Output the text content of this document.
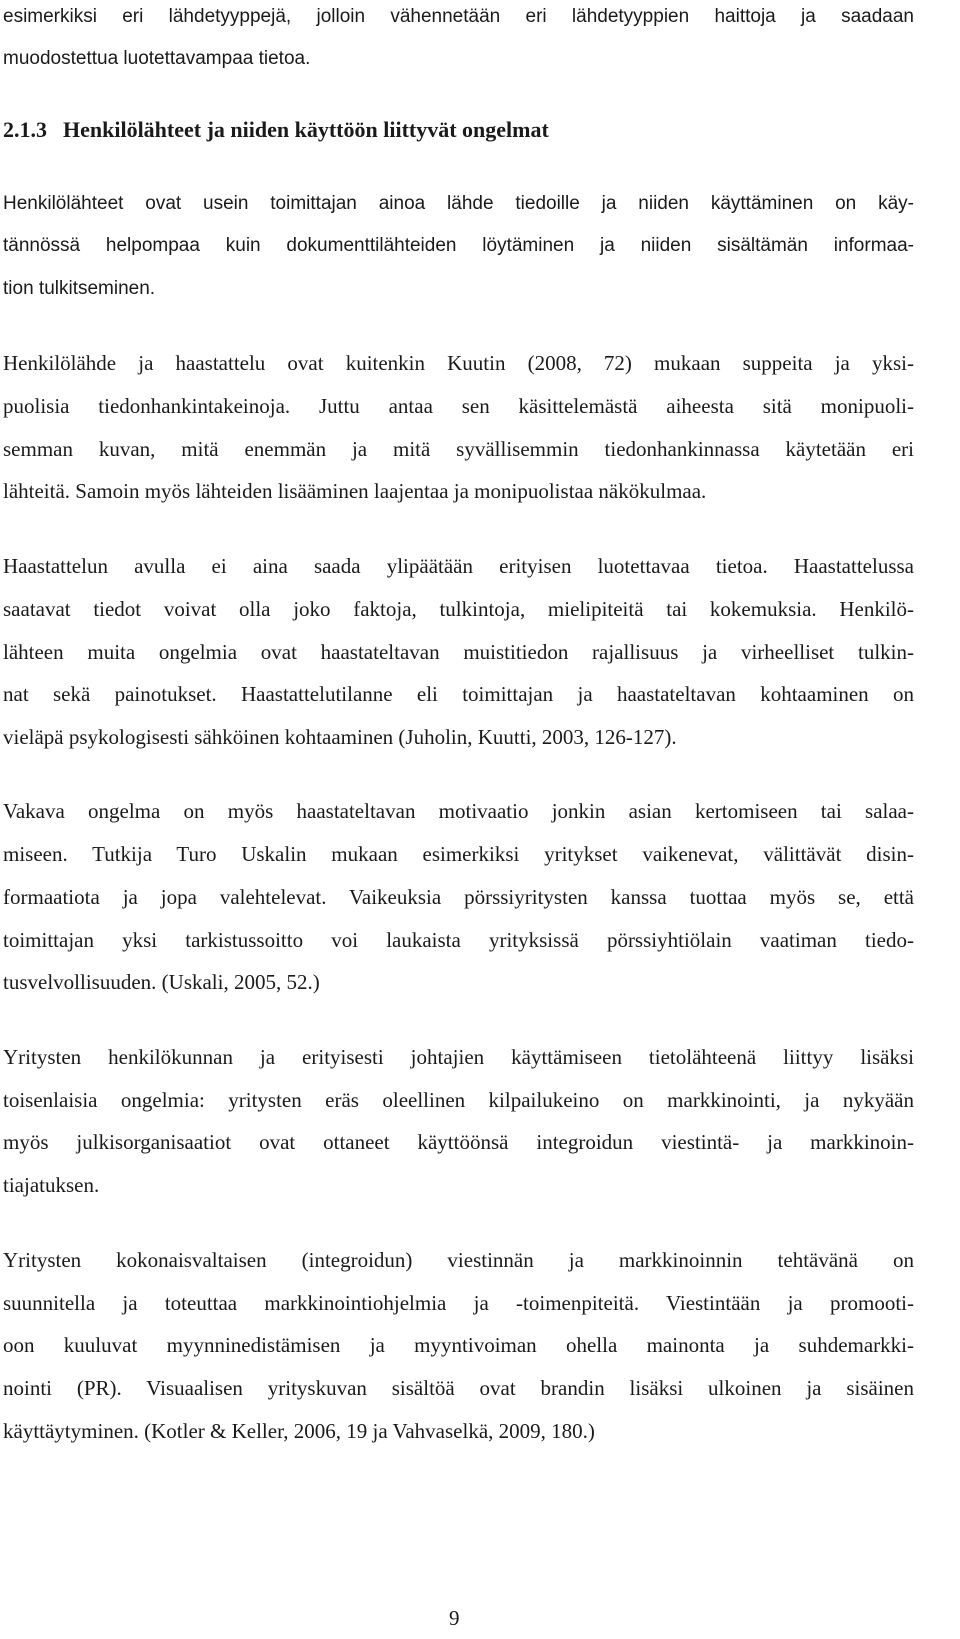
esimerkiksi eri lähdetyyppejä, jolloin vähennetään eri lähdetyyppien haittoja ja saadaan
muodostettua luotettavampaa tietoa.
2.1.3 Henkilölähteet ja niiden käyttöön liittyvät ongelmat
Henkilölähteet ovat usein toimittajan ainoa lähde tiedoille ja niiden käyttäminen on käy-
tännössä helpompaa kuin dokumenttilähteiden löytäminen ja niiden sisältämän informaa-
tion tulkitseminen.
Henkilölähde ja haastattelu ovat kuitenkin Kuutin (2008, 72) mukaan suppeita ja yksi-
puolisia tiedonhankintakeinoja. Juttu antaa sen käsittelemästä aiheesta sitä monipuoli-
semman kuvan, mitä enemmän ja mitä syvällisemmin tiedonhankinnassa käytetään eri
lähteitä. Samoin myös lähteiden lisääminen laajentaa ja monipuolistaa näkökulmaa.
Haastattelun avulla ei aina saada ylipäätään erityisen luotettavaa tietoa. Haastattelussa
saatavat tiedot voivat olla joko faktoja, tulkintoja, mielipiteitä tai kokemuksia. Henkilö-
lähteen muita ongelmia ovat haastateltavan muistitiedon rajallisuus ja virheelliset tulkin-
nat sekä painotukset. Haastattelutilanne eli toimittajan ja haastateltavan kohtaaminen on
vieläpä psykologisesti sähköinen kohtaaminen (Juholin, Kuutti, 2003, 126-127).
Vakava ongelma on myös haastateltavan motivaatio jonkin asian kertomiseen tai salaa-
miseen. Tutkija Turo Uskalin mukaan esimerkiksi yritykset vaikenevat, välittävät disin-
formaatiota ja jopa valehtelevat. Vaikeuksia pörssiyritysten kanssa tuottaa myös se, että
toimittajan yksi tarkistussoitto voi laukaista yrityksissä pörssiyhtiölain vaatiman tiedo-
tusvelvollisuuden. (Uskali, 2005, 52.)
Yritysten henkilökunnan ja erityisesti johtajien käyttämiseen tietolähteenä liittyy lisäksi
toisenlaisia ongelmia: yritysten eräs oleellinen kilpailukeino on markkinointi, ja nykyään
myös julkisorganisaatiot ovat ottaneet käyttöönsä integroidun viestintä- ja markkinoin-
tiajatuksen.
Yritysten kokonaisvaltaisen (integroidun) viestinnän ja markkinoinnin tehtävänä on
suunnitella ja toteuttaa markkinointiohjelmia ja -toimenpiteitä. Viestintään ja promooti-
oon kuuluvat myynninedistämisen ja myyntivoiman ohella mainonta ja suhdemarkki-
nointi (PR). Visuaalisen yrityskuvan sisältöä ovat brandin lisäksi ulkoinen ja sisäinen
käyttäytyminen. (Kotler & Keller, 2006, 19 ja Vahvaselkä, 2009, 180.)
9
